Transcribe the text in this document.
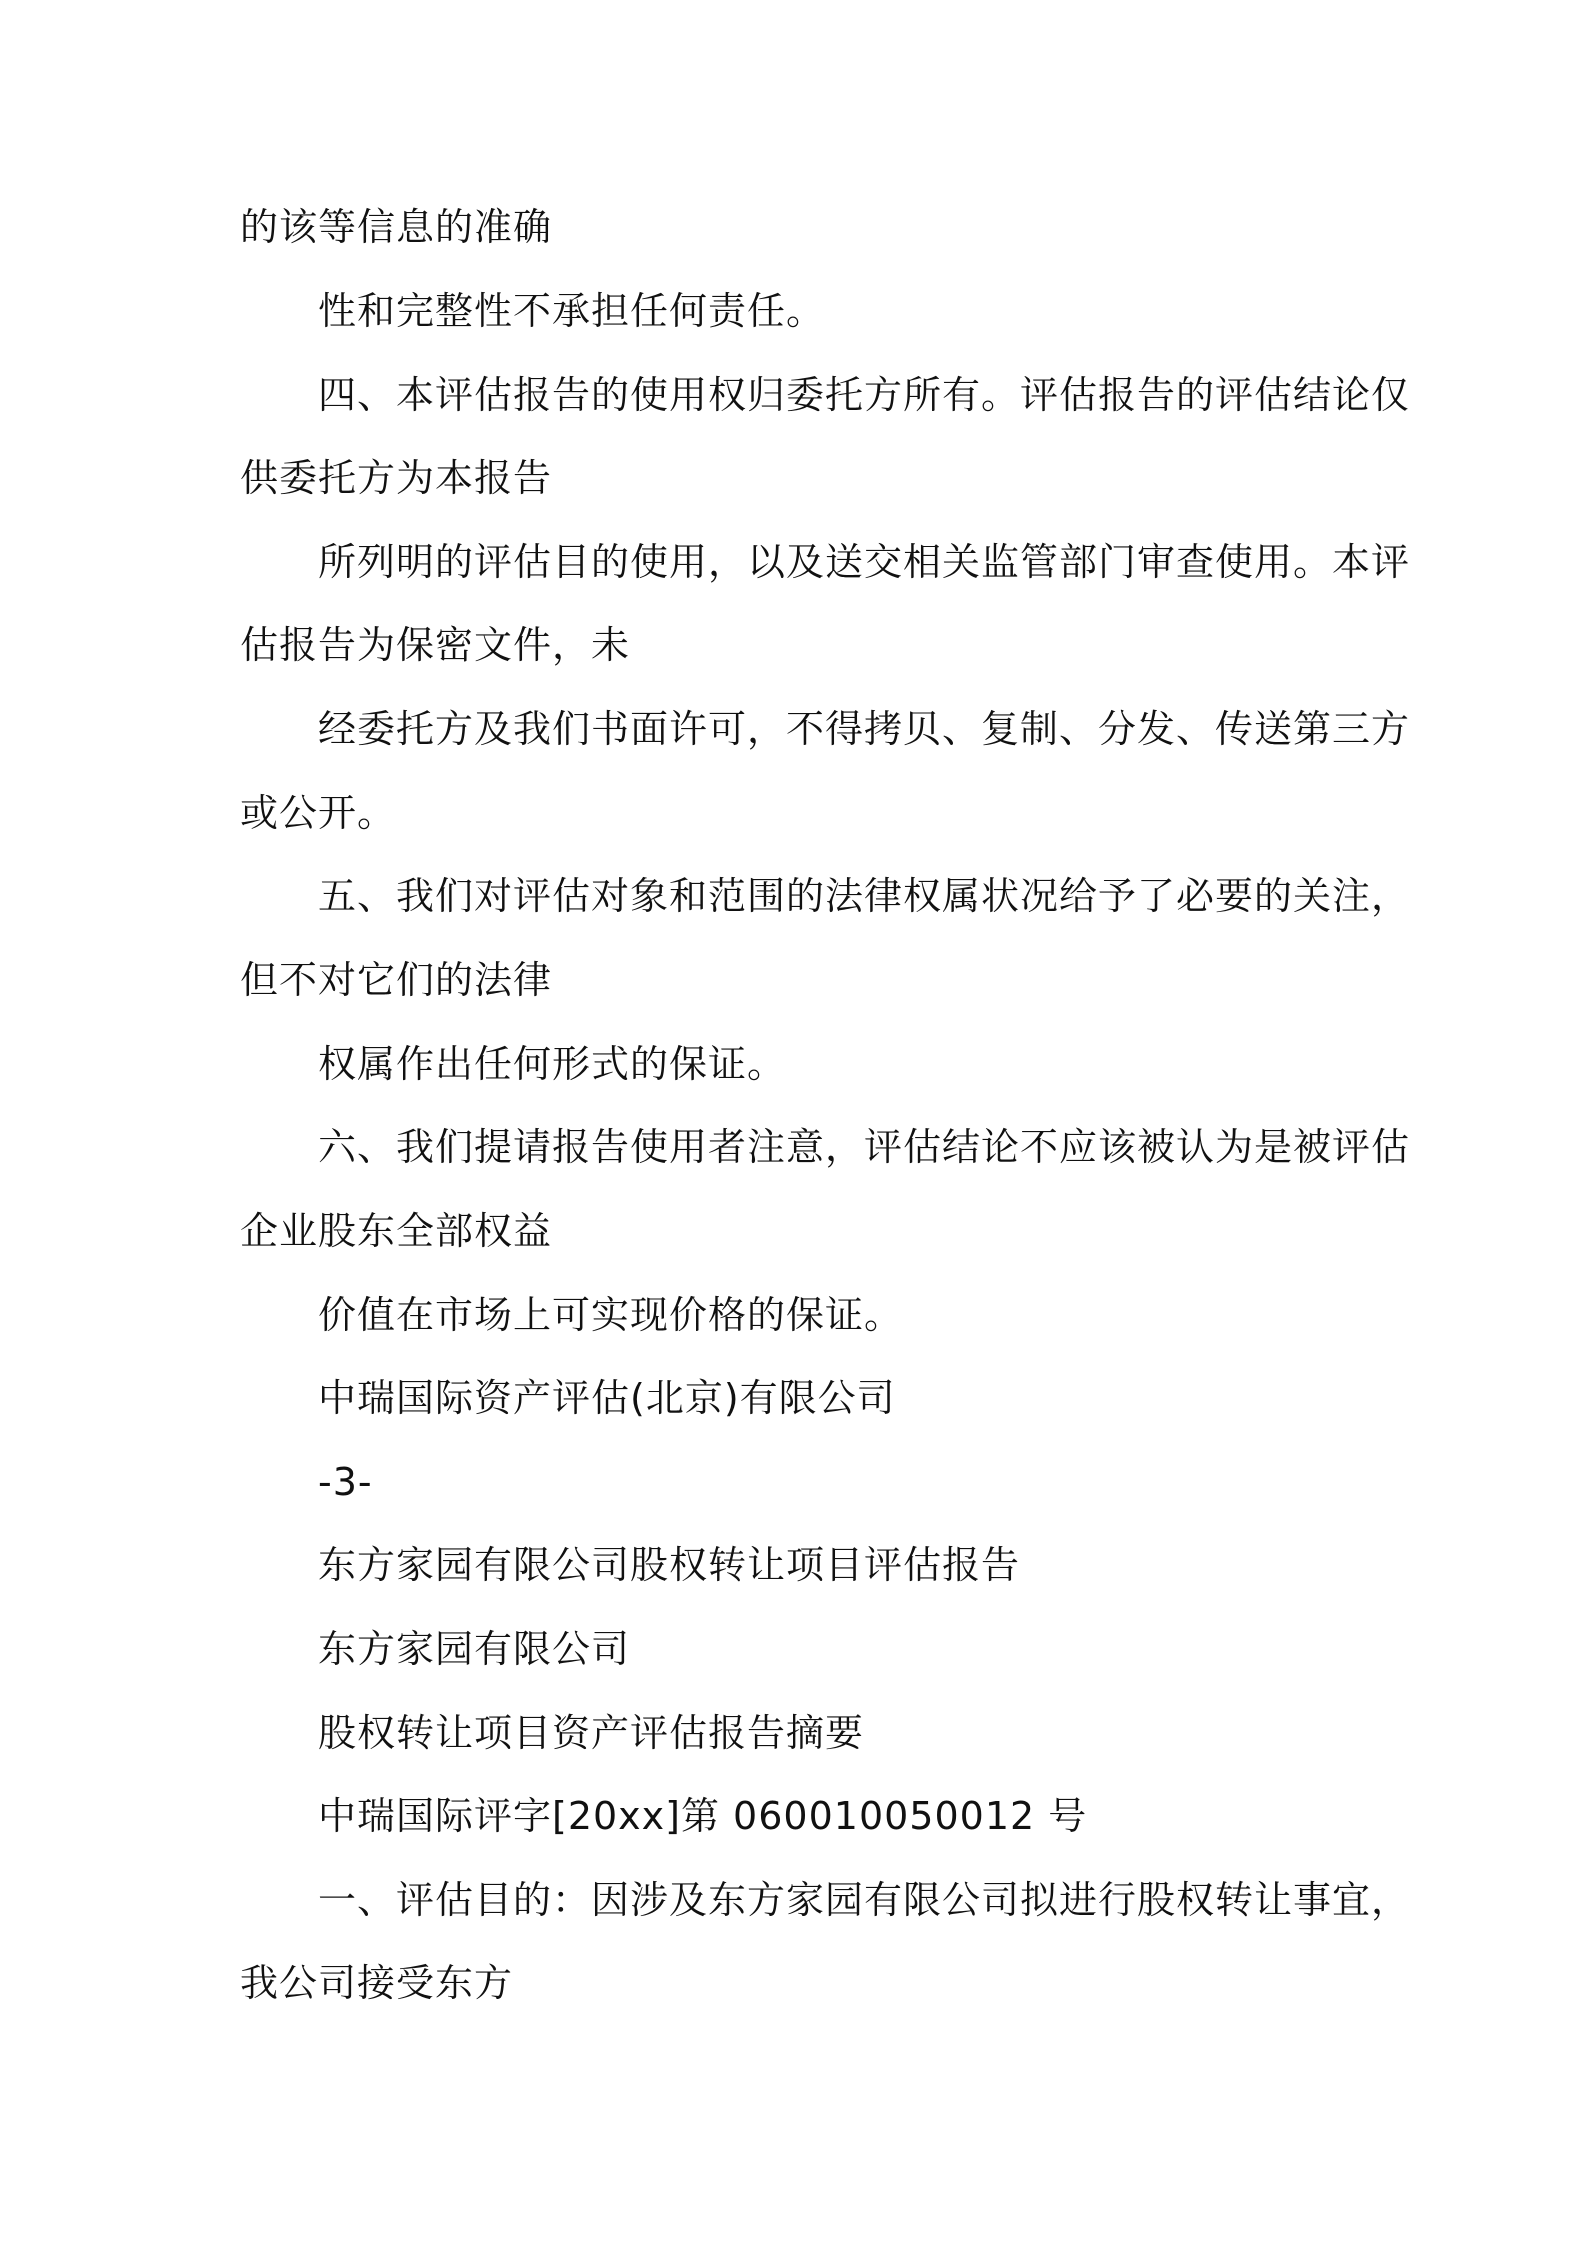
的该等信息的准确
性和完整性不承担任何责任。
四、本评估报告的使用权归委托方所有。评估报告的评估结论仅
供委托方为本报告
所列明的评估目的使用，以及送交相关监管部门审查使用。本评
估报告为保密文件，未
经委托方及我们书面许可，不得拷贝、复制、分发、传送第三方
或公开。
五、我们对评估对象和范围的法律权属状况给予了必要的关注，
但不对它们的法律
权属作出任何形式的保证。
六、我们提请报告使用者注意，评估结论不应该被认为是被评估
企业股东全部权益
价值在市场上可实现价格的保证。
中瑞国际资产评估(北京)有限公司
-3-
东方家园有限公司股权转让项目评估报告
东方家园有限公司
股权转让项目资产评估报告摘要
中瑞国际评字[20xx]第 060010050012 号
一、评估目的：因涉及东方家园有限公司拟进行股权转让事宜，
我公司接受东方
